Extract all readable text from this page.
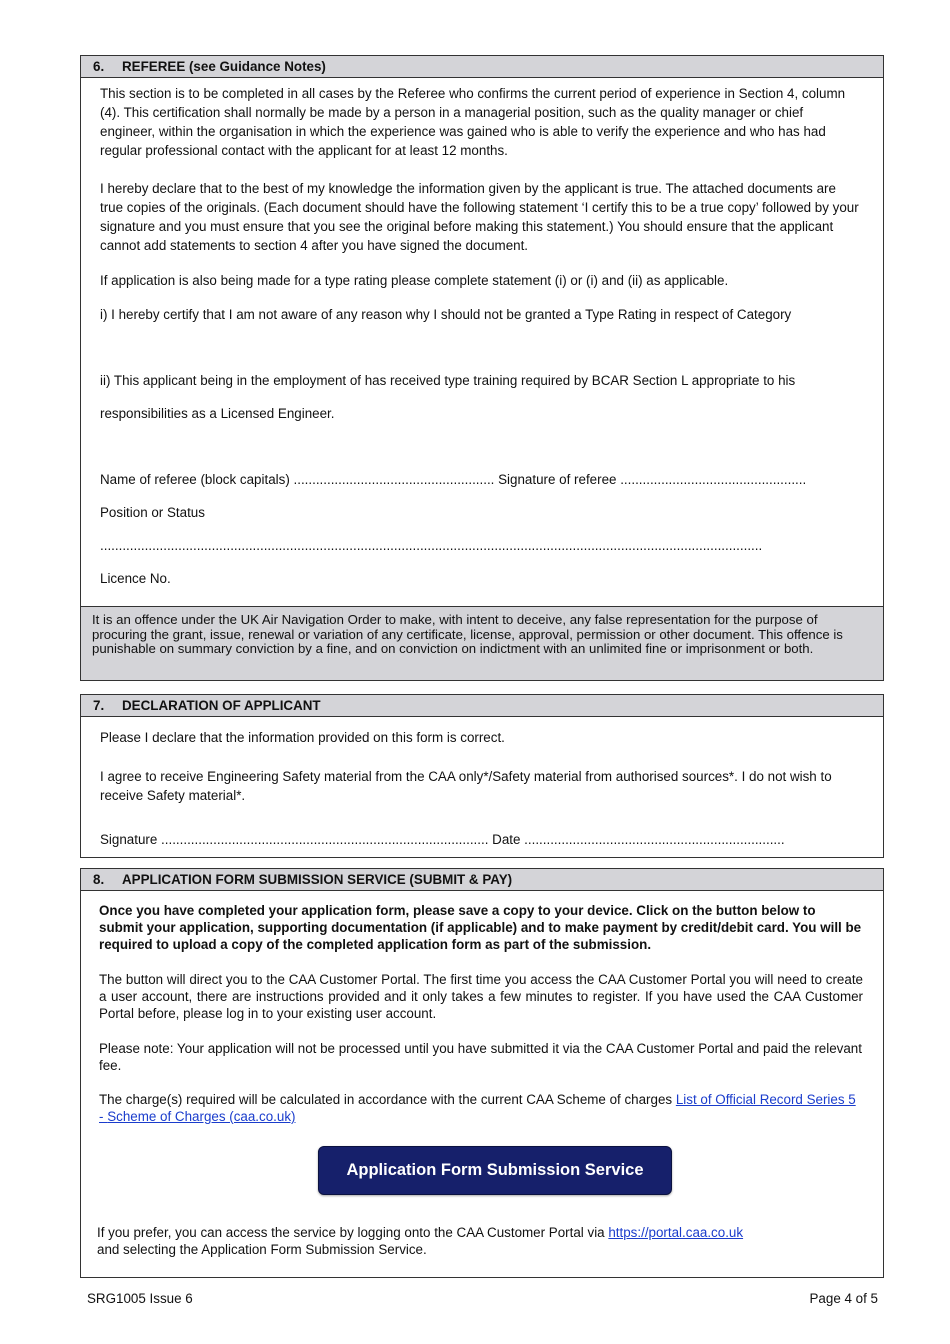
6. REFEREE (see Guidance Notes)

This section is to be completed in all cases by the Referee who confirms the current period of experience in Section 4, column (4). This certification shall normally be made by a person in a managerial position, such as the quality manager or chief engineer, within the organisation in which the experience was gained who is able to verify the experience and who has had regular professional contact with the applicant for at least 12 months.

I hereby declare that to the best of my knowledge the information given by the applicant is true. The attached documents are true copies of the originals. (Each document should have the following statement ‘I certify this to be a true copy’ followed by your signature and you must ensure that you see the original before making this statement.) You should ensure that the applicant cannot add statements to section 4 after you have signed the document.

If application is also being made for a type rating please complete statement (i) or (i) and (ii) as applicable.

i) I hereby certify that I am not aware of any reason why I should not be granted a Type Rating in respect of Category

ii) This applicant being in the employment of has received type training required by BCAR Section L appropriate to his

responsibilities as a Licensed Engineer.

Name of referee (block capitals) ...................................................... Signature of referee ..................................................

Position or Status

..................................................................................................................................................................................

Licence No.

It is an offence under the UK Air Navigation Order to make, with intent to deceive, any false representation for the purpose of procuring the grant, issue, renewal or variation of any certificate, license, approval, permission or other document. This offence is punishable on summary conviction by a fine, and on conviction on indictment with an unlimited fine or imprisonment or both.
7. DECLARATION OF APPLICANT

Please I declare that the information provided on this form is correct.

I agree to receive Engineering Safety material from the CAA only*/Safety material from authorised sources*. I do not wish to receive Safety material*.

Signature ........................................................................................ Date ......................................................................

8. APPLICATION FORM SUBMISSION SERVICE (SUBMIT & PAY)

Once you have completed your application form, please save a copy to your device. Click on the button below to submit your application, supporting documentation (if applicable) and to make payment by credit/debit card. You will be required to upload a copy of the completed application form as part of the submission.

The button will direct you to the CAA Customer Portal. The first time you access the CAA Customer Portal you will need to create a user account, there are instructions provided and it only takes a few minutes to register. If you have used the CAA Customer Portal before, please log in to your existing user account.

Please note: Your application will not be processed until you have submitted it via the CAA Customer Portal and paid the relevant fee.

The charge(s) required will be calculated in accordance with the current CAA Scheme of charges List of Official Record Series 5 - Scheme of Charges (caa.co.uk)

Application Form Submission Service

If you prefer, you can access the service by logging onto the CAA Customer Portal via https://portal.caa.co.uk
and selecting the Application Form Submission Service.

SRG1005 Issue 6	Page 4 of 5
